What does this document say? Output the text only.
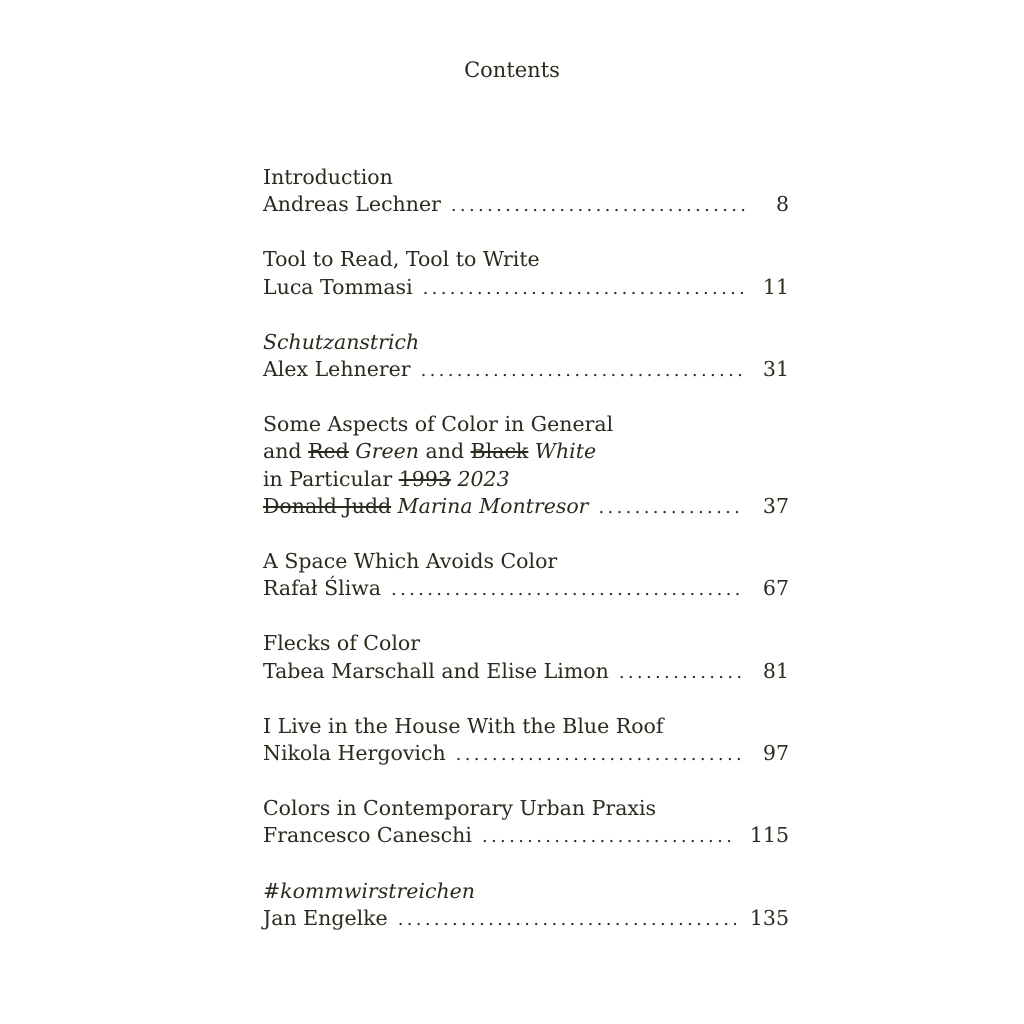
Contents
Introduction
Andreas Lechner . . .	8
Tool to Read, Tool to Write
Luca Tommasi . . .	11
Schutzanstrich
Alex Lehnerer . . .	31
Some Aspects of Color in General
and Red Green and Black White
in Particular 1993 2023
Donald Judd Marina Montresor . . .	37
A Space Which Avoids Color
Rafał Śliwa . . .	67
Flecks of Color
Tabea Marschall and Elise Limon . . .	81
I Live in the House With the Blue Roof
Nikola Hergovich . . .	97
Colors in Contemporary Urban Praxis
Francesco Caneschi . . .	115
#kommwirstreichen
Jan Engelke . . .	135
